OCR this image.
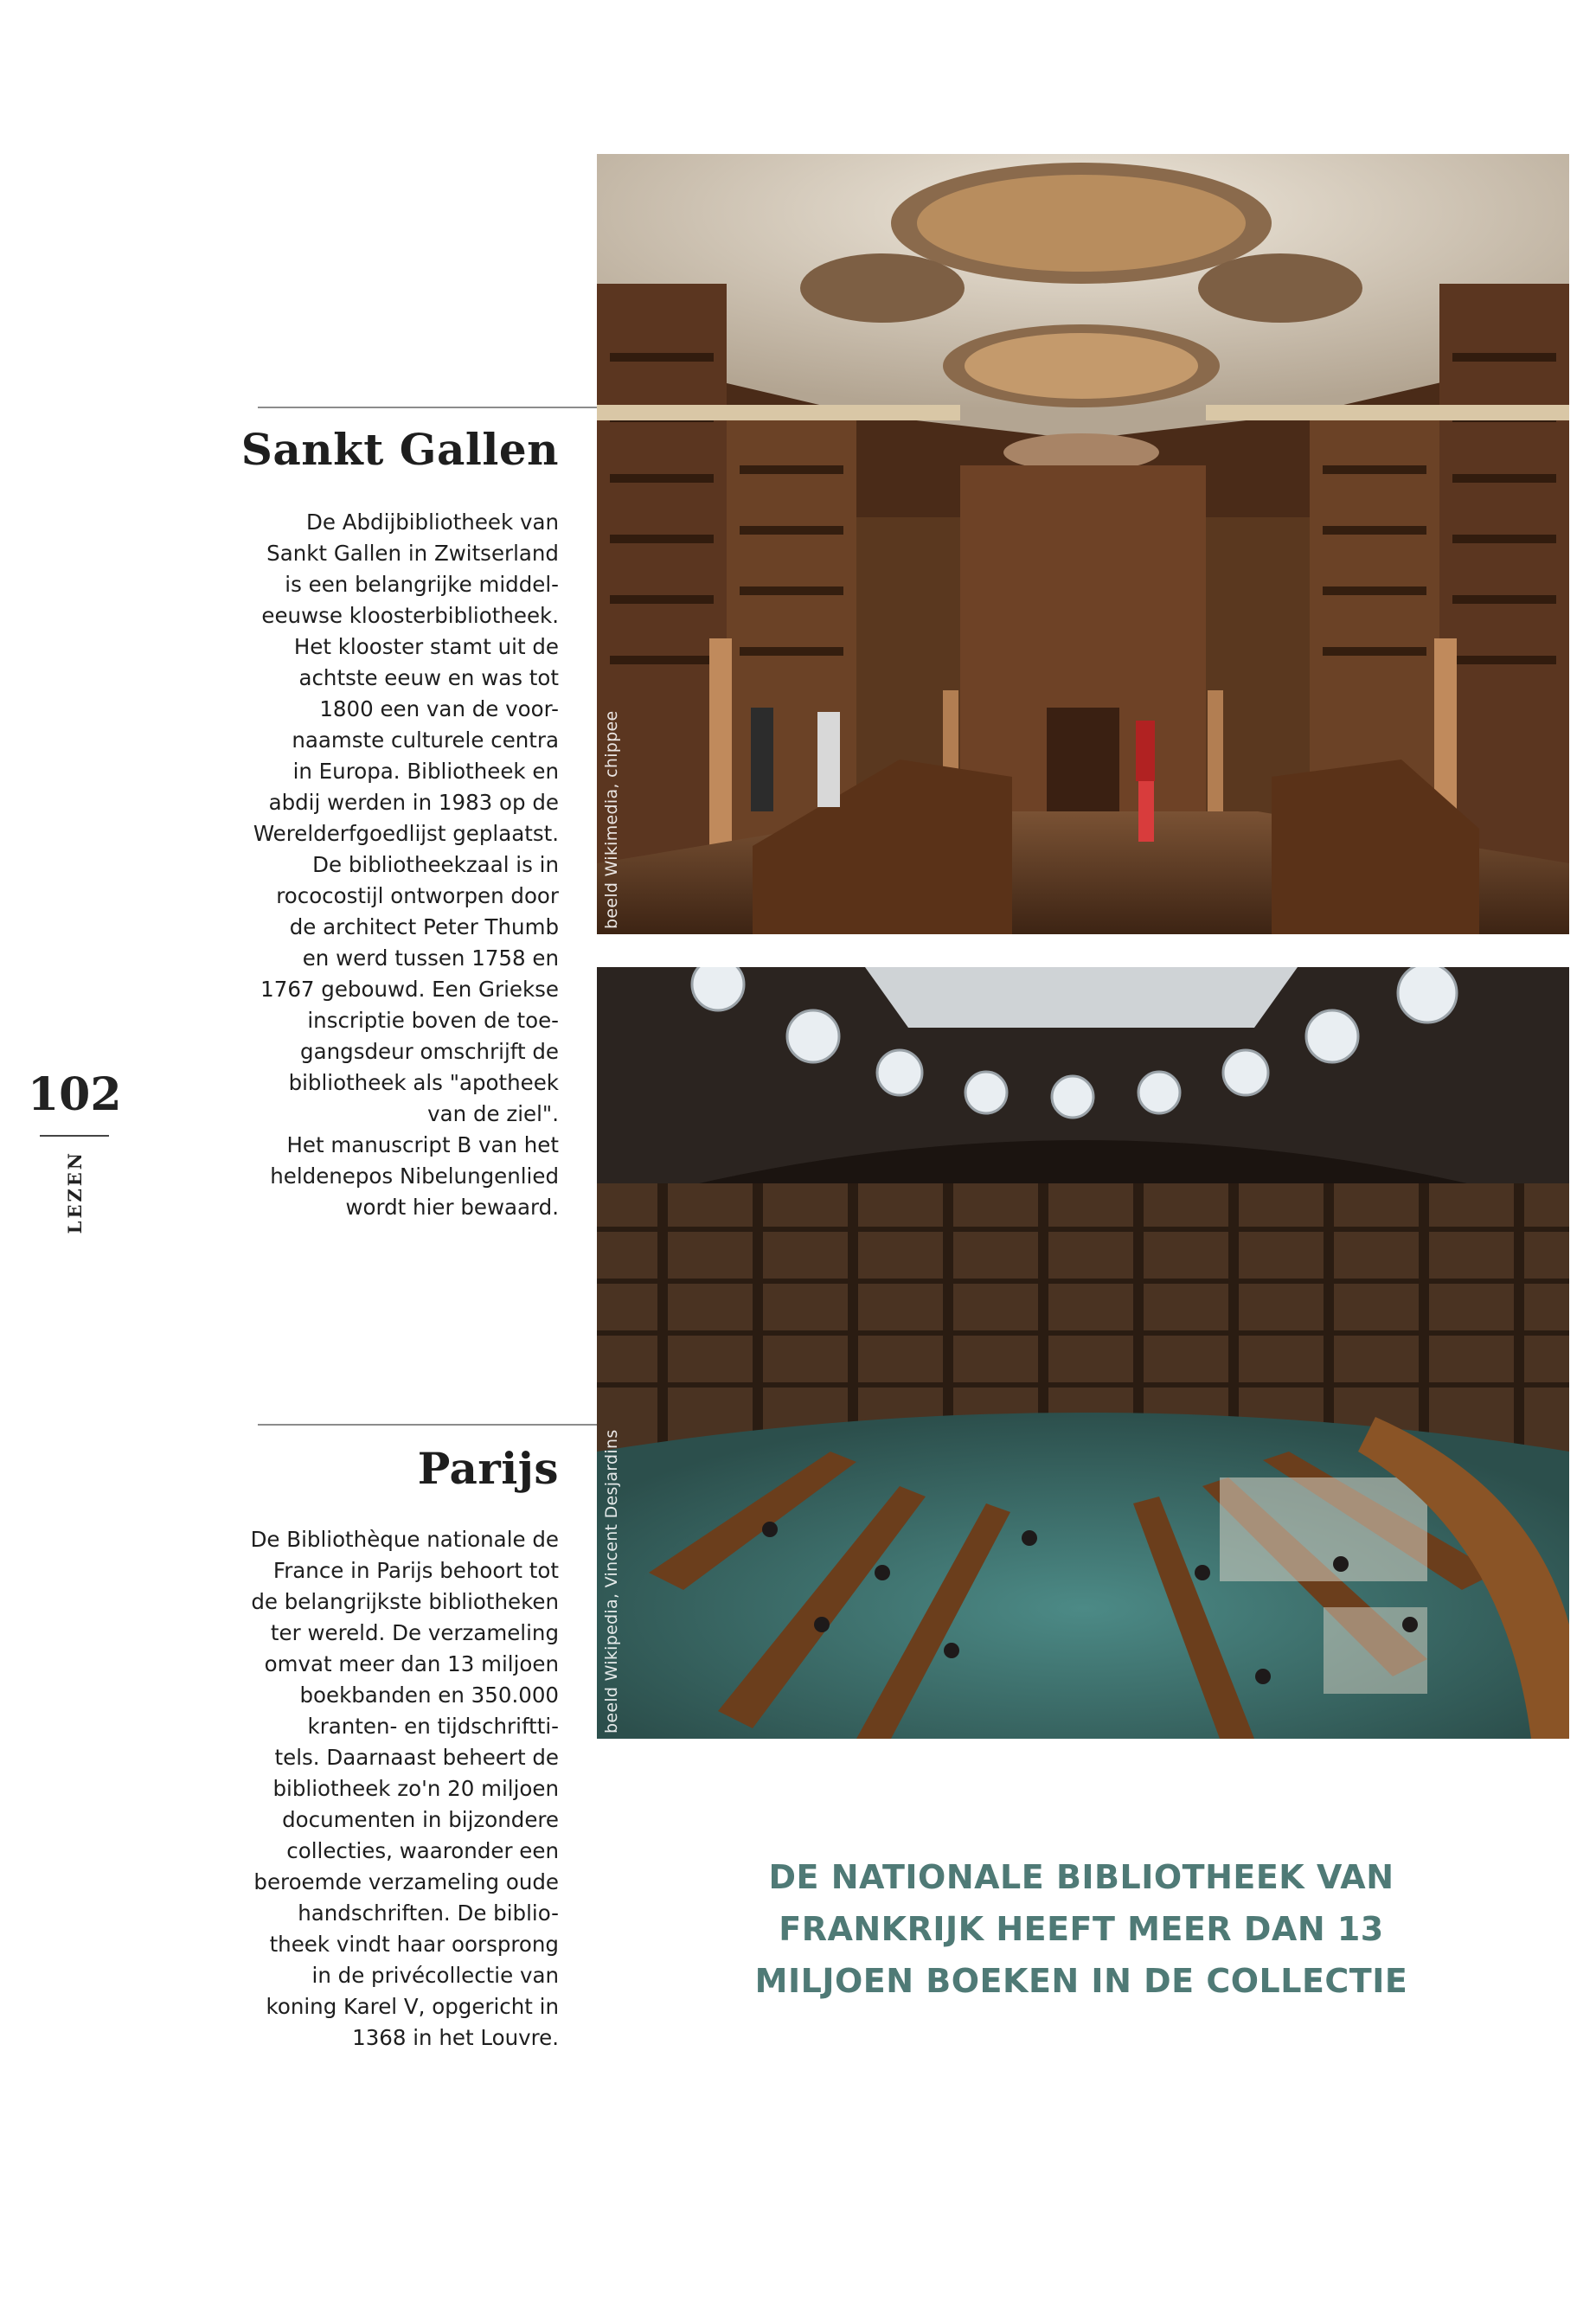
Sankt Gallen
De Abdijbibliotheek van
Sankt Gallen in Zwitserland
is een belangrijke middel-
eeuwse kloosterbibliotheek.
Het klooster stamt uit de
achtste eeuw en was tot
1800 een van de voor-
naamste culturele centra
in Europa. Bibliotheek en
abdij werden in 1983 op de
Werelderfgoedlijst geplaatst.
De bibliotheekzaal is in
rococostijl ontworpen door
de architect Peter Thumb
en werd tussen 1758 en
1767 gebouwd. Een Griekse
inscriptie boven de toe-
gangsdeur omschrijft de
bibliotheek als "apotheek
van de ziel".
Het manuscript B van het
heldenepos Nibelungenlied
wordt hier bewaard.
beeld Wikimedia, chippee
beeld Wikipedia, Vincent Desjardins
Parijs
De Bibliothèque nationale de
France in Parijs behoort tot
de belangrijkste bibliotheken
ter wereld. De verzameling
omvat meer dan 13 miljoen
boekbanden en 350.000
kranten- en tijdschriftti-
tels. Daarnaast beheert de
bibliotheek zo'n 20 miljoen
documenten in bijzondere
collecties, waaronder een
beroemde verzameling oude
handschriften. De biblio-
theek vindt haar oorsprong
in de privécollectie van
koning Karel V, opgericht in
1368 in het Louvre.
102
LEZEN
DE NATIONALE BIBLIOTHEEK VAN
FRANKRIJK HEEFT MEER DAN 13
MILJOEN BOEKEN IN DE COLLECTIE
